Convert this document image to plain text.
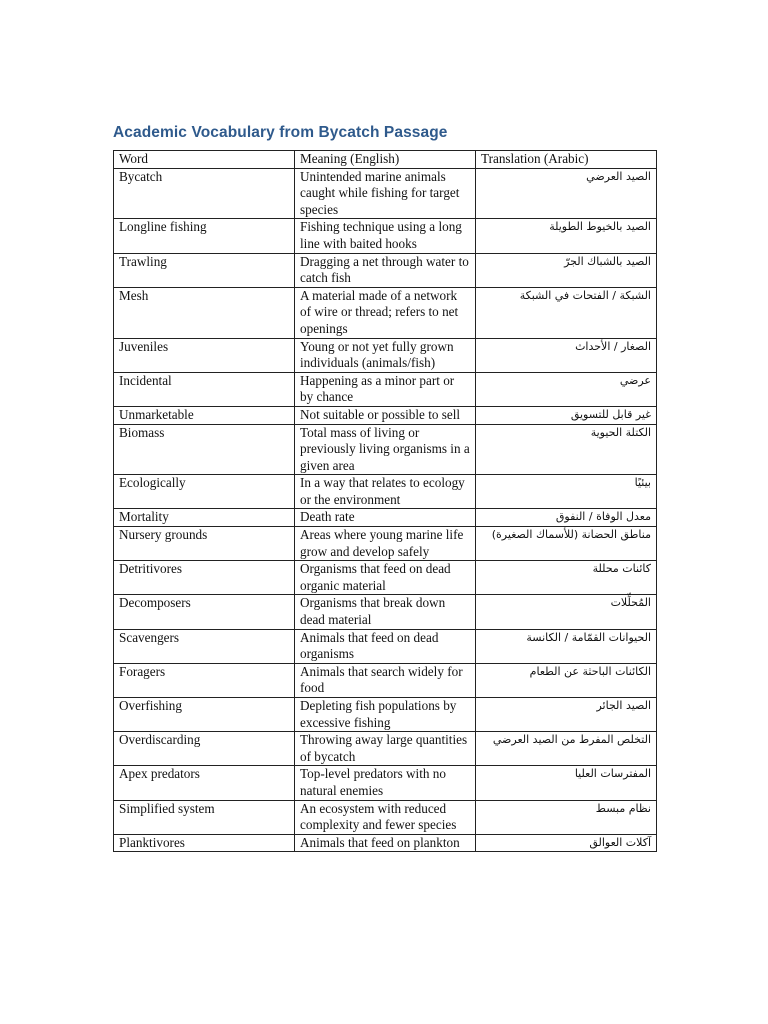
Academic Vocabulary from Bycatch Passage
Word	Meaning (English)	Translation (Arabic)
Bycatch	Unintended marine animals caught while fishing for target species	الصيد العرضي
Longline fishing	Fishing technique using a long line with baited hooks	الصيد بالخيوط الطويلة
Trawling	Dragging a net through water to catch fish	الصيد بالشباك الجرّ
Mesh	A material made of a network of wire or thread; refers to net openings	الشبكة / الفتحات في الشبكة
Juveniles	Young or not yet fully grown individuals (animals/fish)	الصغار / الأحداث
Incidental	Happening as a minor part or by chance	عرضي
Unmarketable	Not suitable or possible to sell	غير قابل للتسويق
Biomass	Total mass of living or previously living organisms in a given area	الكتلة الحيوية
Ecologically	In a way that relates to ecology or the environment	بيئيًا
Mortality	Death rate	معدل الوفاة / النفوق
Nursery grounds	Areas where young marine life grow and develop safely	مناطق الحضانة (للأسماك الصغيرة)
Detritivores	Organisms that feed on dead organic material	كائنات محللة
Decomposers	Organisms that break down dead material	المُحلِّلات
Scavengers	Animals that feed on dead organisms	الحيوانات القمّامة / الكانسة
Foragers	Animals that search widely for food	الكائنات الباحثة عن الطعام
Overfishing	Depleting fish populations by excessive fishing	الصيد الجائر
Overdiscarding	Throwing away large quantities of bycatch	التخلص المفرط من الصيد العرضي
Apex predators	Top-level predators with no natural enemies	المفترسات العليا
Simplified system	An ecosystem with reduced complexity and fewer species	نظام مبسط
Planktivores	Animals that feed on plankton	آكلات العوالق
